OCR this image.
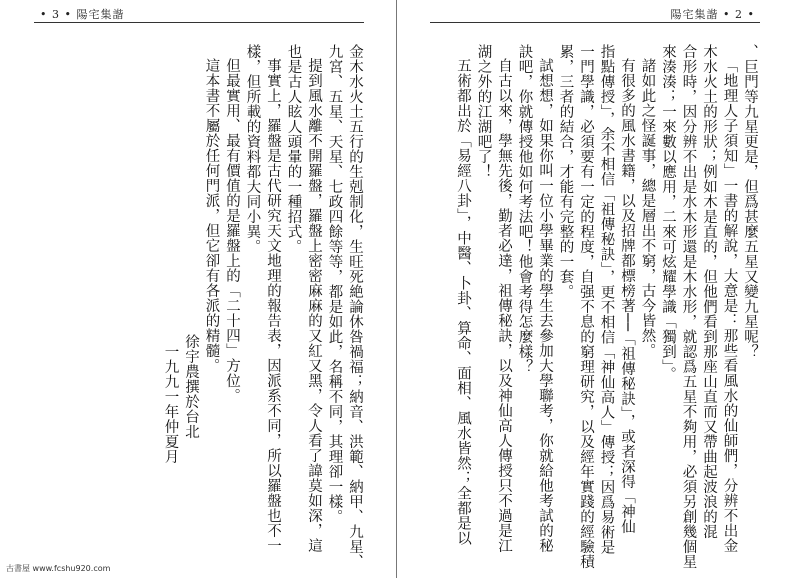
• 3 • 陽宅集諧	陽宅集諧 • 2 •

、巨門等九星更是，但爲甚麼五星又變九星呢？

「地理人子須知」一書的解說，大意是：那些看風水的仙師們，分辨不出金

木水火土的形狀；例如木是直的，但他們看到那座山直而又帶曲起波浪的混

合形時，因分辨不出是水木形還是木水形，就認爲五星不夠用，必須另創幾個星

來湊湊；一來數以應用，二來可炫耀學識「獨到」。

諸如此之怪誕事，總是層出不窮，古今皆然。

有很多的風水書籍，以及招牌都標榜著──「祖傳秘訣」，或者深得「神仙

指點傳授」，余不相信「祖傳秘訣」，更不相信「神仙高人」傳授；因爲易術是

一門學識，必須要有一定的程度，自强不息的窮理研究，以及經年實踐的經驗積

累，三者的結合，才能有完整的一套。

試想想，如果你叫一位小學畢業的學生去參加大學聯考，你就給他考試的秘

訣吧，你就傳授他如何考法吧！他會考得怎麼樣？

自古以來，學無先後，勤者必達，祖傳秘訣，以及神仙高人傳授只不過是江

湖之外的江湖吧了！

五術都出於「易經八卦」，中醫、卜卦、算命、面相、風水皆然；全都是以

金木水火土五行的生剋制化，生旺死絶論休咎禍福；納音、洪範、納甲、九星、

九宮、五星、天星、七政四餘等等，都是如此，名稱不同，其理卻一樣。

提到風水離不開羅盤，羅盤上密密麻麻的又紅又黑，令人看了諱莫如深，這

也是古人眩人頭暈的一種招式。

事實上，羅盤是古代研究天文地理的報告表，因派系不同，所以羅盤也不一

樣，但所載的資料都大同小異。

但最實用、最有價值的是羅盤上的「二十四」方位。

這本書不屬於任何門派，但它卻有各派的精髓。

徐宇農撰於台北

一九九一年仲夏月

古書屋 www.fcshu920.com
